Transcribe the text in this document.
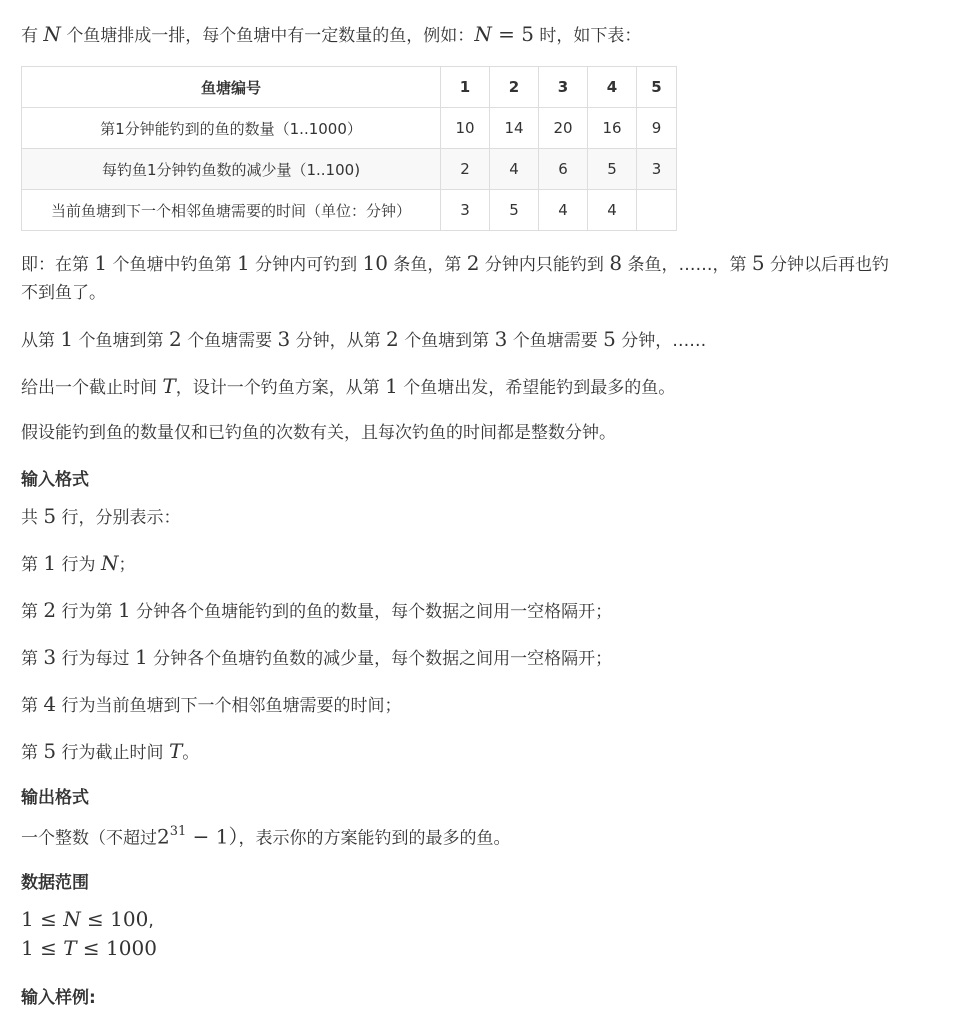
有 N 个鱼塘排成一排，每个鱼塘中有一定数量的鱼，例如：N = 5 时，如下表：

鱼塘编号	1	2	3	4	5
第1分钟能钓到的鱼的数量（1..1000）	10	14	20	16	9
每钓鱼1分钟钓鱼数的减少量（1..100)	2	4	6	5	3
当前鱼塘到下一个相邻鱼塘需要的时间（单位：分钟）	3	5	4	4	

即：在第 1 个鱼塘中钓鱼第 1 分钟内可钓到 10 条鱼，第 2 分钟内只能钓到 8 条鱼，……，第 5 分钟以后再也钓

不到鱼了。

从第 1 个鱼塘到第 2 个鱼塘需要 3 分钟，从第 2 个鱼塘到第 3 个鱼塘需要 5 分钟，……

给出一个截止时间 T，设计一个钓鱼方案，从第 1 个鱼塘出发，希望能钓到最多的鱼。

假设能钓到鱼的数量仅和已钓鱼的次数有关，且每次钓鱼的时间都是整数分钟。

输入格式

共 5 行，分别表示：

第 1 行为 N；

第 2 行为第 1 分钟各个鱼塘能钓到的鱼的数量，每个数据之间用一空格隔开；

第 3 行为每过 1 分钟各个鱼塘钓鱼数的减少量，每个数据之间用一空格隔开；

第 4 行为当前鱼塘到下一个相邻鱼塘需要的时间；

第 5 行为截止时间 T。

输出格式

一个整数（不超过$2^{31} - 1$），表示你的方案能钓到的最多的鱼。

数据范围

1 ≤ N ≤ 100,

1 ≤ T ≤ 1000

输入样例:
